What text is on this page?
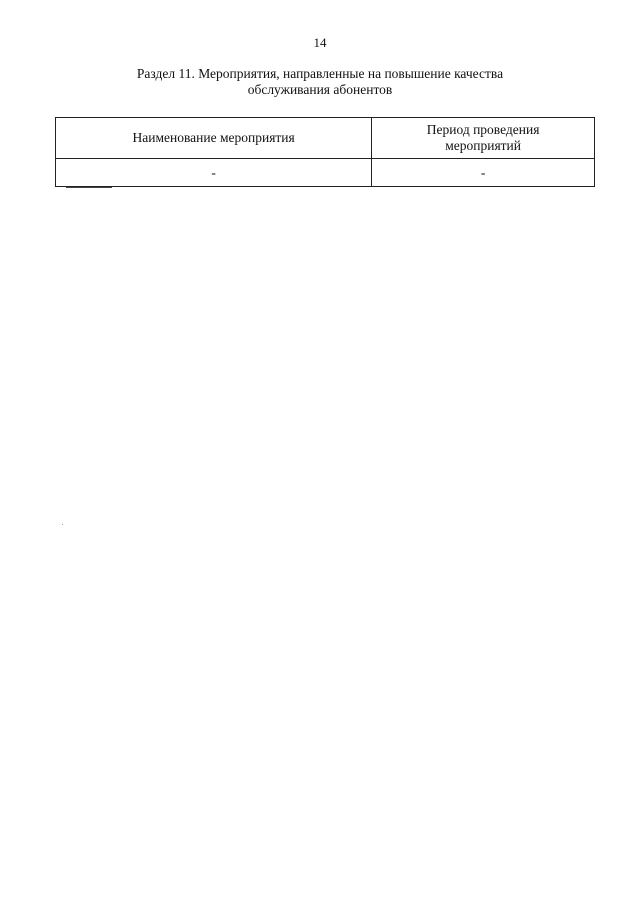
14
Раздел 11. Мероприятия, направленные на повышение качества
обслуживания абонентов
Наименование мероприятия	Период проведения
мероприятий

-	-
